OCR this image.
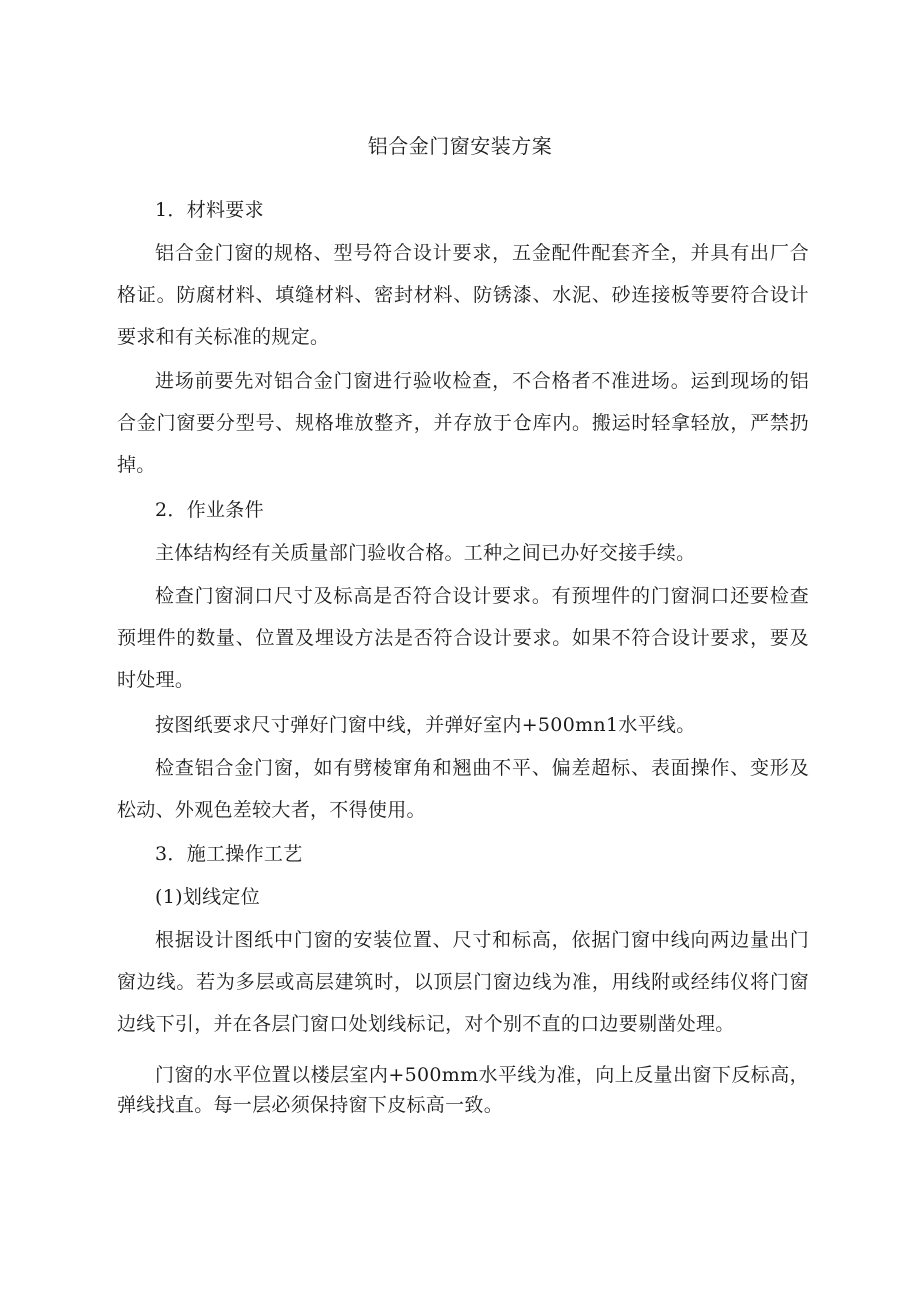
铝合金门窗安装方案

1．材料要求

铝合金门窗的规格、型号符合设计要求，五金配件配套齐全，并具有出厂合格证。防腐材料、填缝材料、密封材料、防锈漆、水泥、砂连接板等要符合设计要求和有关标准的规定。

进场前要先对铝合金门窗进行验收检查，不合格者不准进场。运到现场的铝合金门窗要分型号、规格堆放整齐，并存放于仓库内。搬运时轻拿轻放，严禁扔掉。

2．作业条件

主体结构经有关质量部门验收合格。工种之间已办好交接手续。

检查门窗洞口尺寸及标高是否符合设计要求。有预埋件的门窗洞口还要检查预埋件的数量、位置及埋设方法是否符合设计要求。如果不符合设计要求，要及时处理。

按图纸要求尺寸弹好门窗中线，并弹好室内+500mn1水平线。

检查铝合金门窗，如有劈棱窜角和翘曲不平、偏差超标、表面操作、变形及松动、外观色差较大者，不得使用。

3．施工操作工艺

(1)划线定位

根据设计图纸中门窗的安装位置、尺寸和标高，依据门窗中线向两边量出门窗边线。若为多层或高层建筑时，以顶层门窗边线为准，用线附或经纬仪将门窗边线下引，并在各层门窗口处划线标记，对个别不直的口边要剔凿处理。

门窗的水平位置以楼层室内+500mm水平线为准，向上反量出窗下反标高，弹线找直。每一层必须保持窗下皮标高一致。
